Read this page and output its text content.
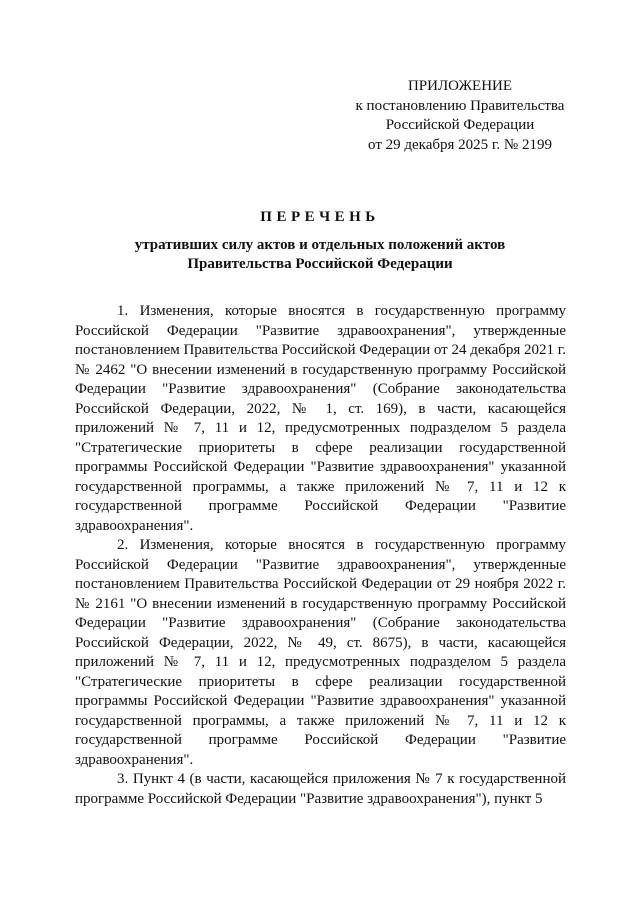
ПРИЛОЖЕНИЕ
к постановлению Правительства
Российской Федерации
от 29 декабря 2025 г. № 2199
ПЕРЕЧЕНЬ
утративших силу актов и отдельных положений актов
Правительства Российской Федерации

1. Изменения, которые вносятся в государственную программу Российской Федерации "Развитие здравоохранения", утвержденные постановлением Правительства Российской Федерации от 24 декабря 2021 г. № 2462 "О внесении изменений в государственную программу Российской Федерации "Развитие здравоохранения" (Собрание законодательства Российской Федерации, 2022, № 1, ст. 169), в части, касающейся приложений № 7, 11 и 12, предусмотренных подразделом 5 раздела "Стратегические приоритеты в сфере реализации государственной программы Российской Федерации "Развитие здравоохранения" указанной государственной программы, а также приложений № 7, 11 и 12 к государственной программе Российской Федерации "Развитие здравоохранения".

2. Изменения, которые вносятся в государственную программу Российской Федерации "Развитие здравоохранения", утвержденные постановлением Правительства Российской Федерации от 29 ноября 2022 г. № 2161 "О внесении изменений в государственную программу Российской Федерации "Развитие здравоохранения" (Собрание законодательства Российской Федерации, 2022, № 49, ст. 8675), в части, касающейся приложений № 7, 11 и 12, предусмотренных подразделом 5 раздела "Стратегические приоритеты в сфере реализации государственной программы Российской Федерации "Развитие здравоохранения" указанной государственной программы, а также приложений № 7, 11 и 12 к государственной программе Российской Федерации "Развитие здравоохранения".

3. Пункт 4 (в части, касающейся приложения № 7 к государственной программе Российской Федерации "Развитие здравоохранения"), пункт 5
